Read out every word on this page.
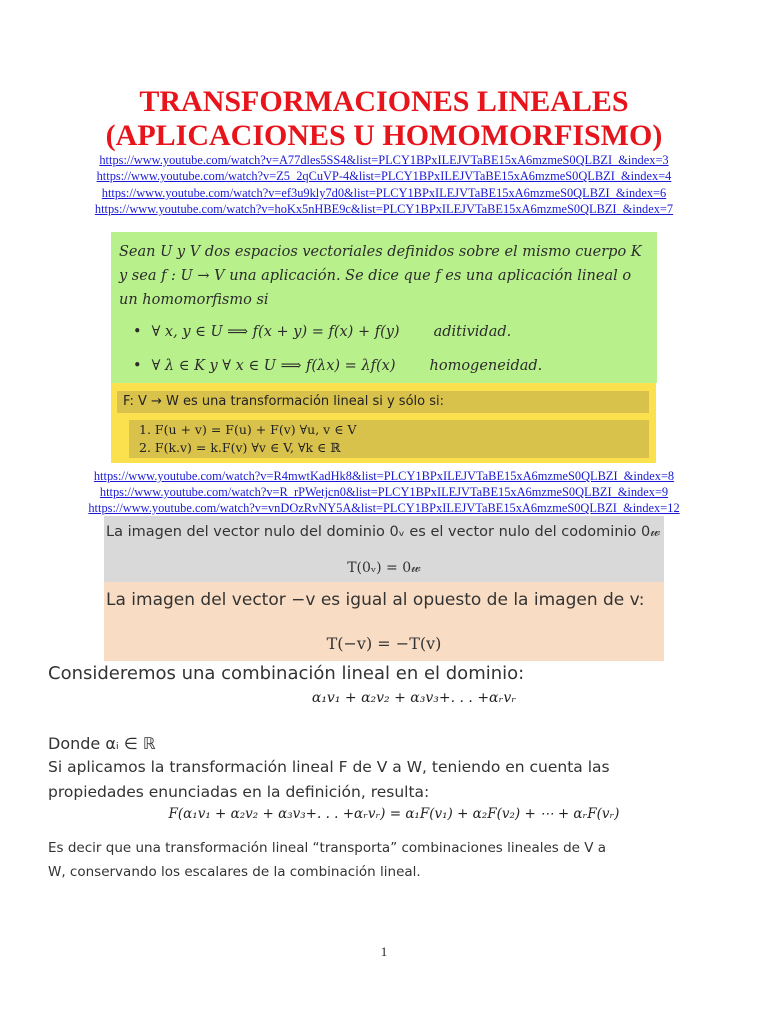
TRANSFORMACIONES LINEALES
(APLICACIONES U HOMOMORFISMO)
https://www.youtube.com/watch?v=A77dles5SS4&list=PLCY1BPxILEJVTaBE15xA6mzmeS0QLBZI_&index=3
https://www.youtube.com/watch?v=Z5_2qCuVP-4&list=PLCY1BPxILEJVTaBE15xA6mzmeS0QLBZI_&index=4
https://www.youtube.com/watch?v=ef3u9kly7d0&list=PLCY1BPxILEJVTaBE15xA6mzmeS0QLBZI_&index=6
https://www.youtube.com/watch?v=hoKx5nHBE9c&list=PLCY1BPxILEJVTaBE15xA6mzmeS0QLBZI_&index=7
Sean U y V dos espacios vectoriales definidos sobre el mismo cuerpo K y sea f : U → V una aplicación. Se dice que f es una aplicación lineal o un homomorfismo si
• ∀ x, y ∈ U ⟹ f(x + y) = f(x) + f(y) aditividad.
• ∀ λ ∈ K y ∀ x ∈ U ⟹ f(λx) = λf(x) homogeneidad.
F: V → W es una transformación lineal si y sólo si:
1. F(u + v) = F(u) + F(v) ∀u, v ∈ V
2. F(k.v) = k.F(v) ∀v ∈ V, ∀k ∈ ℝ
https://www.youtube.com/watch?v=R4mwtKadHk8&list=PLCY1BPxILEJVTaBE15xA6mzmeS0QLBZI_&index=8
https://www.youtube.com/watch?v=R_rPWetjcn0&list=PLCY1BPxILEJVTaBE15xA6mzmeS0QLBZI_&index=9
https://www.youtube.com/watch?v=vnDOzRvNY5A&list=PLCY1BPxILEJVTaBE15xA6mzmeS0QLBZI_&index=12
La imagen del vector nulo del dominio 0ᵥ es el vector nulo del codominio 0𝓌
T(0ᵥ) = 0𝓌
La imagen del vector −v es igual al opuesto de la imagen de v:
T(−v) = −T(v)
Consideremos una combinación lineal en el dominio:
α₁v₁ + α₂v₂ + α₃v₃+. . . +αᵣvᵣ
Donde αᵢ ∈ ℝ
Si aplicamos la transformación lineal F de V a W, teniendo en cuenta las
propiedades enunciadas en la definición, resulta:
F(α₁v₁ + α₂v₂ + α₃v₃+. . . +αᵣvᵣ) = α₁F(v₁) + α₂F(v₂) + ⋯ + αᵣF(vᵣ)
Es decir que una transformación lineal “transporta” combinaciones lineales de V a
W, conservando los escalares de la combinación lineal.
1
